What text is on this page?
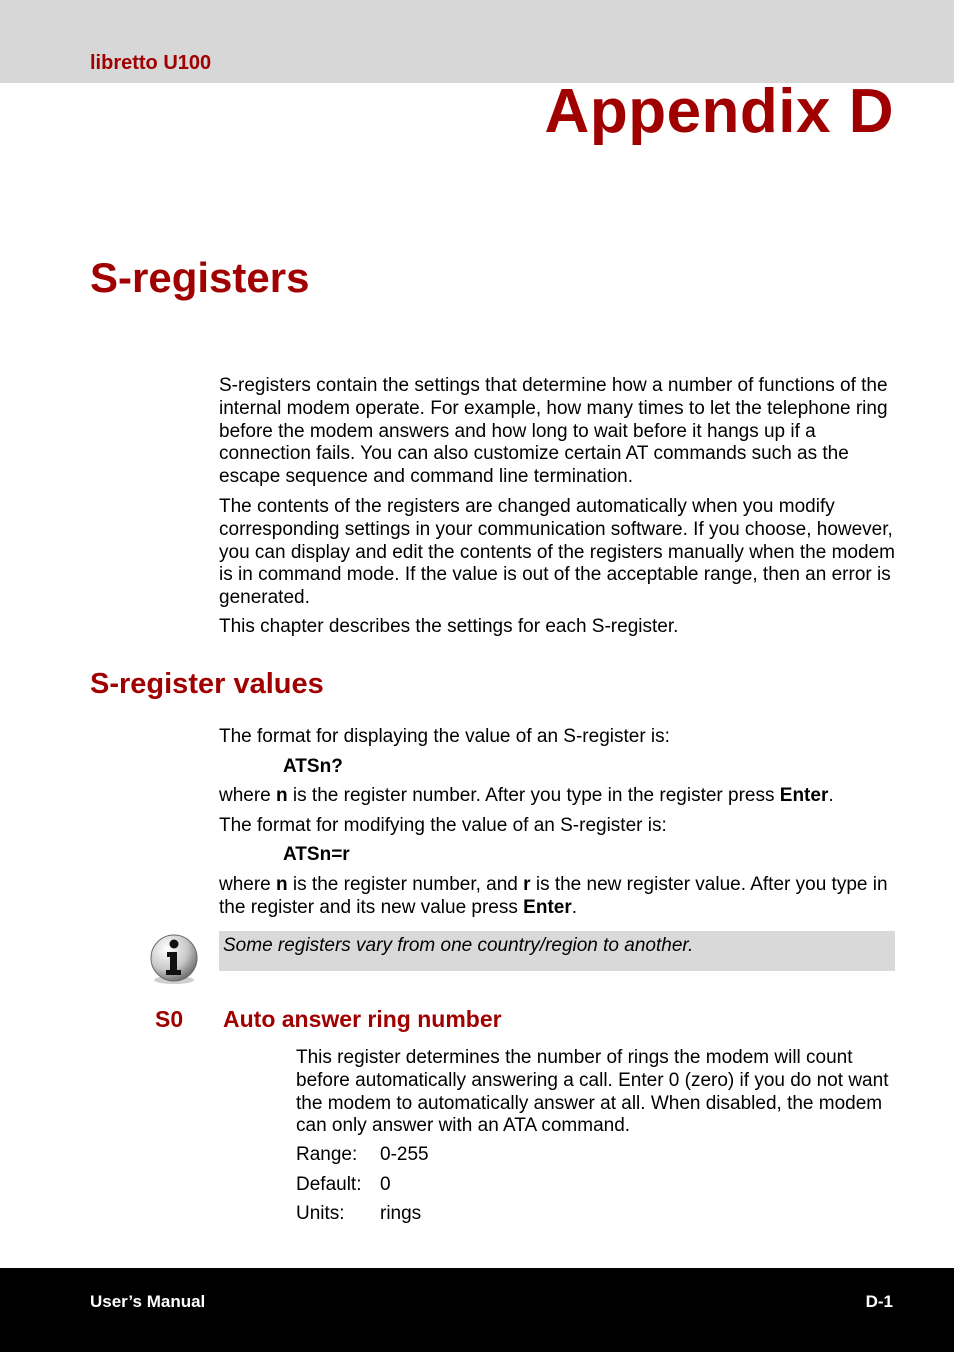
libretto U100
Appendix D
S-registers
S-registers contain the settings that determine how a number of functions of the internal modem operate. For example, how many times to let the telephone ring before the modem answers and how long to wait before it hangs up if a connection fails. You can also customize certain AT commands such as the escape sequence and command line termination.
The contents of the registers are changed automatically when you modify corresponding settings in your communication software. If you choose, however, you can display and edit the contents of the registers manually when the modem is in command mode. If the value is out of the acceptable range, then an error is generated.
This chapter describes the settings for each S-register.
S-register values
The format for displaying the value of an S-register is:
ATSn?
where n is the register number. After you type in the register press Enter.
The format for modifying the value of an S-register is:
ATSn=r
where n is the register number, and r is the new register value. After you type in the register and its new value press Enter.
Some registers vary from one country/region to another.
S0 Auto answer ring number
This register determines the number of rings the modem will count before automatically answering a call. Enter 0 (zero) if you do not want the modem to automatically answer at all. When disabled, the modem can only answer with an ATA command.
Range: 0-255
Default: 0
Units: rings
User’s Manual	D-1
